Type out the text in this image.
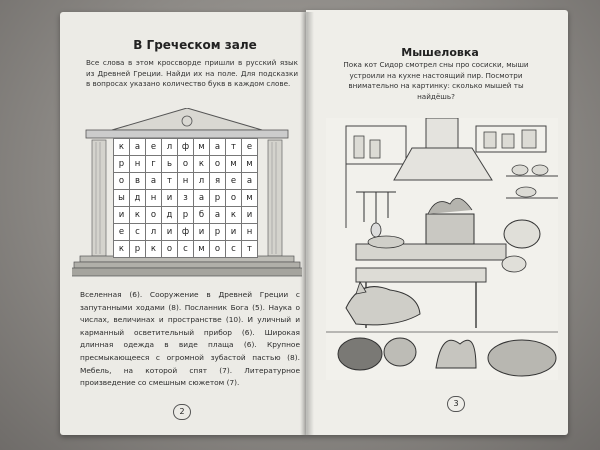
В Греческом зале
Все слова в этом кроссворде пришли в русский язык из Древней Греции. Найди их на поле. Для подсказки в вопросах указано количество букв в каждом слове.
к	а	е	л	ф	м	а	т	е
р	н	г	ь	о	к	о	м	м
о	в	а	т	н	л	я	е	а
ы	д	н	и	з	а	р	о	м
и	к	о	д	р	б	а	к	и
е	с	л	и	ф	и	р	и	н
к	р	к	о	с	м	о	с	т
Вселенная (6). Сооружение в Древней Греции с запутанными ходами (8). Посланник Бога (5). Наука о числах, величинах и пространстве (10). И уличный и карманный осветительный прибор (6). Широкая длинная одежда в виде плаща (6). Крупное пресмыкающееся с огромной зубастой пастью (8). Мебель, на которой спят (7). Литературное произведение со смешным сюжетом (7).
2
Мышеловка
Пока кот Сидор смотрел сны про сосиски, мыши устроили на кухне настоящий пир. Посмотри внимательно на картинку: сколько мышей ты найдёшь?
3
